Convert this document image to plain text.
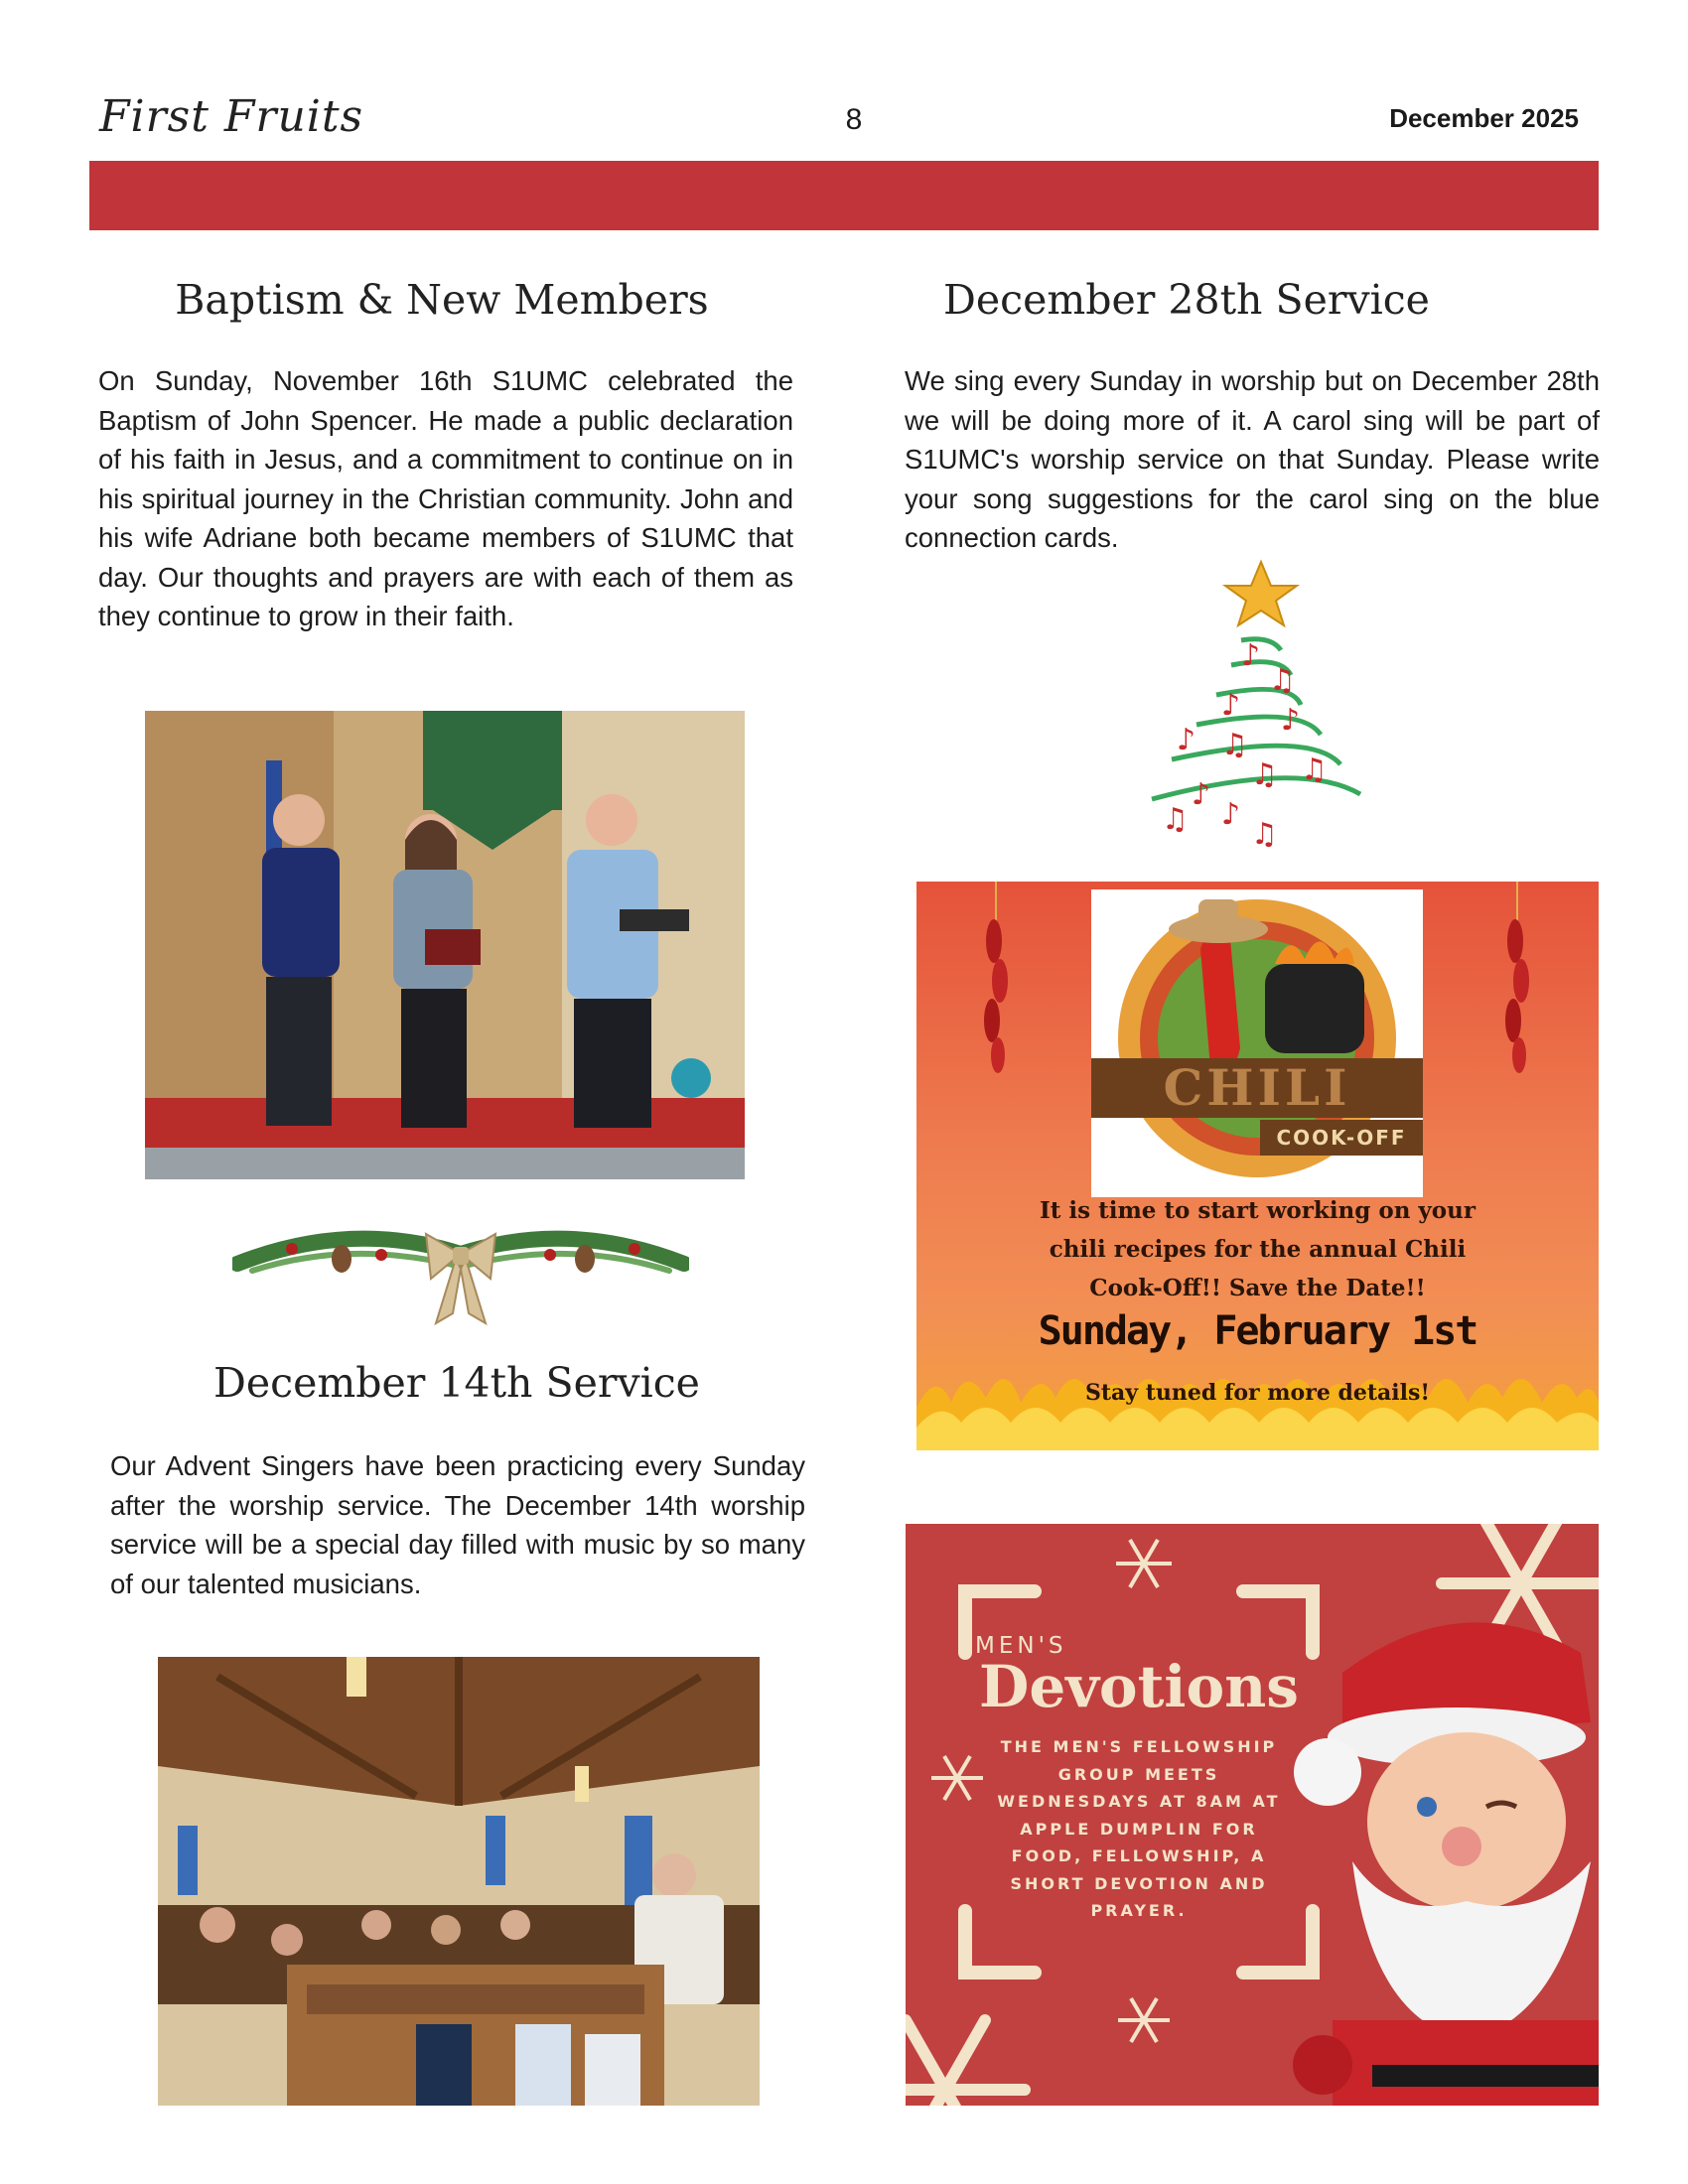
First Fruits	8	December 2025
Baptism & New Members
On Sunday, November 16th S1UMC celebrated the Baptism of John Spencer. He made a public declaration of his faith in Jesus, and a commitment to continue on in his spiritual journey in the Christian community. John and his wife Adriane both became members of S1UMC that day. Our thoughts and prayers are with each of them as they continue to grow in their faith.
December 14th Service
Our Advent Singers have been practicing every Sunday after the worship service. The December 14th worship service will be a special day filled with music by so many of our talented musicians.
December 28th Service
We sing every Sunday in worship but on December 28th we will be doing more of it. A carol sing will be part of S1UMC's worship service on that Sunday. Please write your song suggestions for the carol sing on the blue connection cards.
♪
♫
♪ ♪
♪ ♫
♫ ♫
♪
♫ ♪
♫
CHILI
COOK-OFF
It is time to start working on your
chili recipes for the annual Chili
Cook-Off!! Save the Date!!
Sunday, February 1st
Stay tuned for more details!
MEN'S
Devotions
THE MEN'S FELLOWSHIP
GROUP MEETS
WEDNESDAYS AT 8AM AT
APPLE DUMPLIN FOR
FOOD, FELLOWSHIP, A
SHORT DEVOTION AND
PRAYER.
